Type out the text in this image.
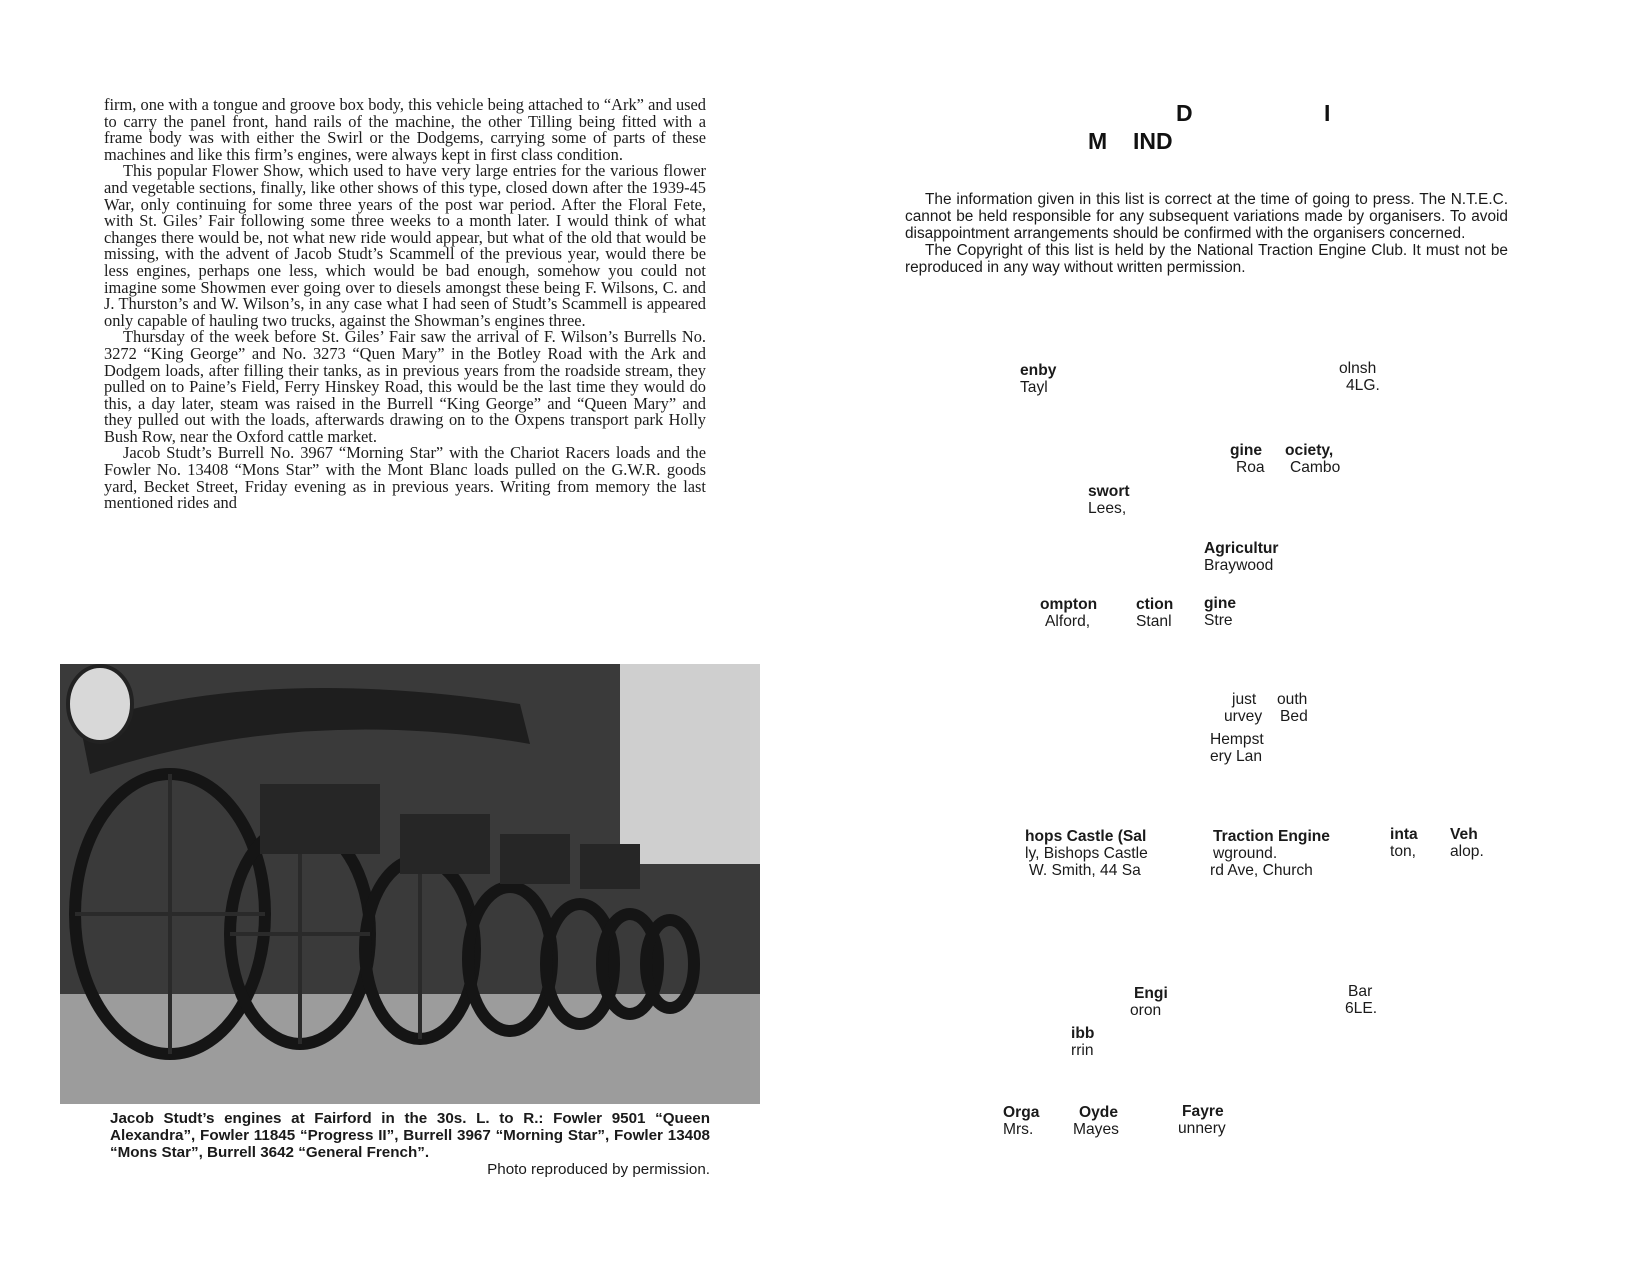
firm, one with a tongue and groove box body, this vehicle being attached to “Ark” and used to carry the panel front, hand rails of the machine, the other Tilling being fitted with a frame body was with either the Swirl or the Dodgems, carrying some of parts of these machines and like this firm’s engines, were always kept in first class condition.

This popular Flower Show, which used to have very large entries for the various flower and vegetable sections, finally, like other shows of this type, closed down after the 1939-45 War, only continuing for some three years of the post war period. After the Floral Fete, with St. Giles’ Fair following some three weeks to a month later. I would think of what changes there would be, not what new ride would appear, but what of the old that would be missing, with the advent of Jacob Studt’s Scammell of the previous year, would there be less engines, perhaps one less, which would be bad enough, somehow you could not imagine some Showmen ever going over to diesels amongst these being F. Wilsons, C. and J. Thurston’s and W. Wilson’s, in any case what I had seen of Studt’s Scammell is appeared only capable of hauling two trucks, against the Showman’s engines three.

Thursday of the week before St. Giles’ Fair saw the arrival of F. Wilson’s Burrells No. 3272 “King George” and No. 3273 “Quen Mary” in the Botley Road with the Ark and Dodgem loads, after filling their tanks, as in previous years from the roadside stream, they pulled on to Paine’s Field, Ferry Hinskey Road, this would be the last time they would do this, a day later, steam was raised in the Burrell “King George” and “Queen Mary” and they pulled out with the loads, afterwards drawing on to the Oxpens transport park Holly Bush Row, near the Oxford cattle market.

Jacob Studt’s Burrell No. 3967 “Morning Star” with the Chariot Racers loads and the Fowler No. 13408 “Mons Star” with the Mont Blanc loads pulled on the G.W.R. goods yard, Becket Street, Friday evening as in previous years. Writing from memory the last mentioned rides and

Jacob Studt’s engines at Fairford in the 30s. L. to R.: Fowler 9501 “Queen Alexandra”, Fowler 11845 “Progress II”, Burrell 3967 “Morning Star”, Fowler 13408 “Mons Star”, Burrell 3642 “General French”.
Photo reproduced by permission.
D	I
M IND

The information given in this list is correct at the time of going to press. The N.T.E.C. cannot be held responsible for any subsequent variations made by organisers. To avoid disappointment arrangements should be confirmed with the organisers concerned.

The Copyright of this list is held by the National Traction Engine Club. It must not be reproduced in any way without written permission.

enby
Tayl
olnsh
4LG.
gine
Roa
ociety,
Cambo
swort
Lees,
Agricultur
Braywood
ompton
Alford,
ction
Stanl
gine
Stre
just
urvey
outh
Bed
Hempst
ery Lan
hops Castle (Sal
ly, Bishops Castle
W. Smith, 44 Sa
Traction Engine
wground.
rd Ave, Church
inta
ton,
Veh
alop.
Engi
oron
Bar
6LE.
ibb
rrin
Orga
Mrs.
Oyde
Mayes
Fayre
unnery
